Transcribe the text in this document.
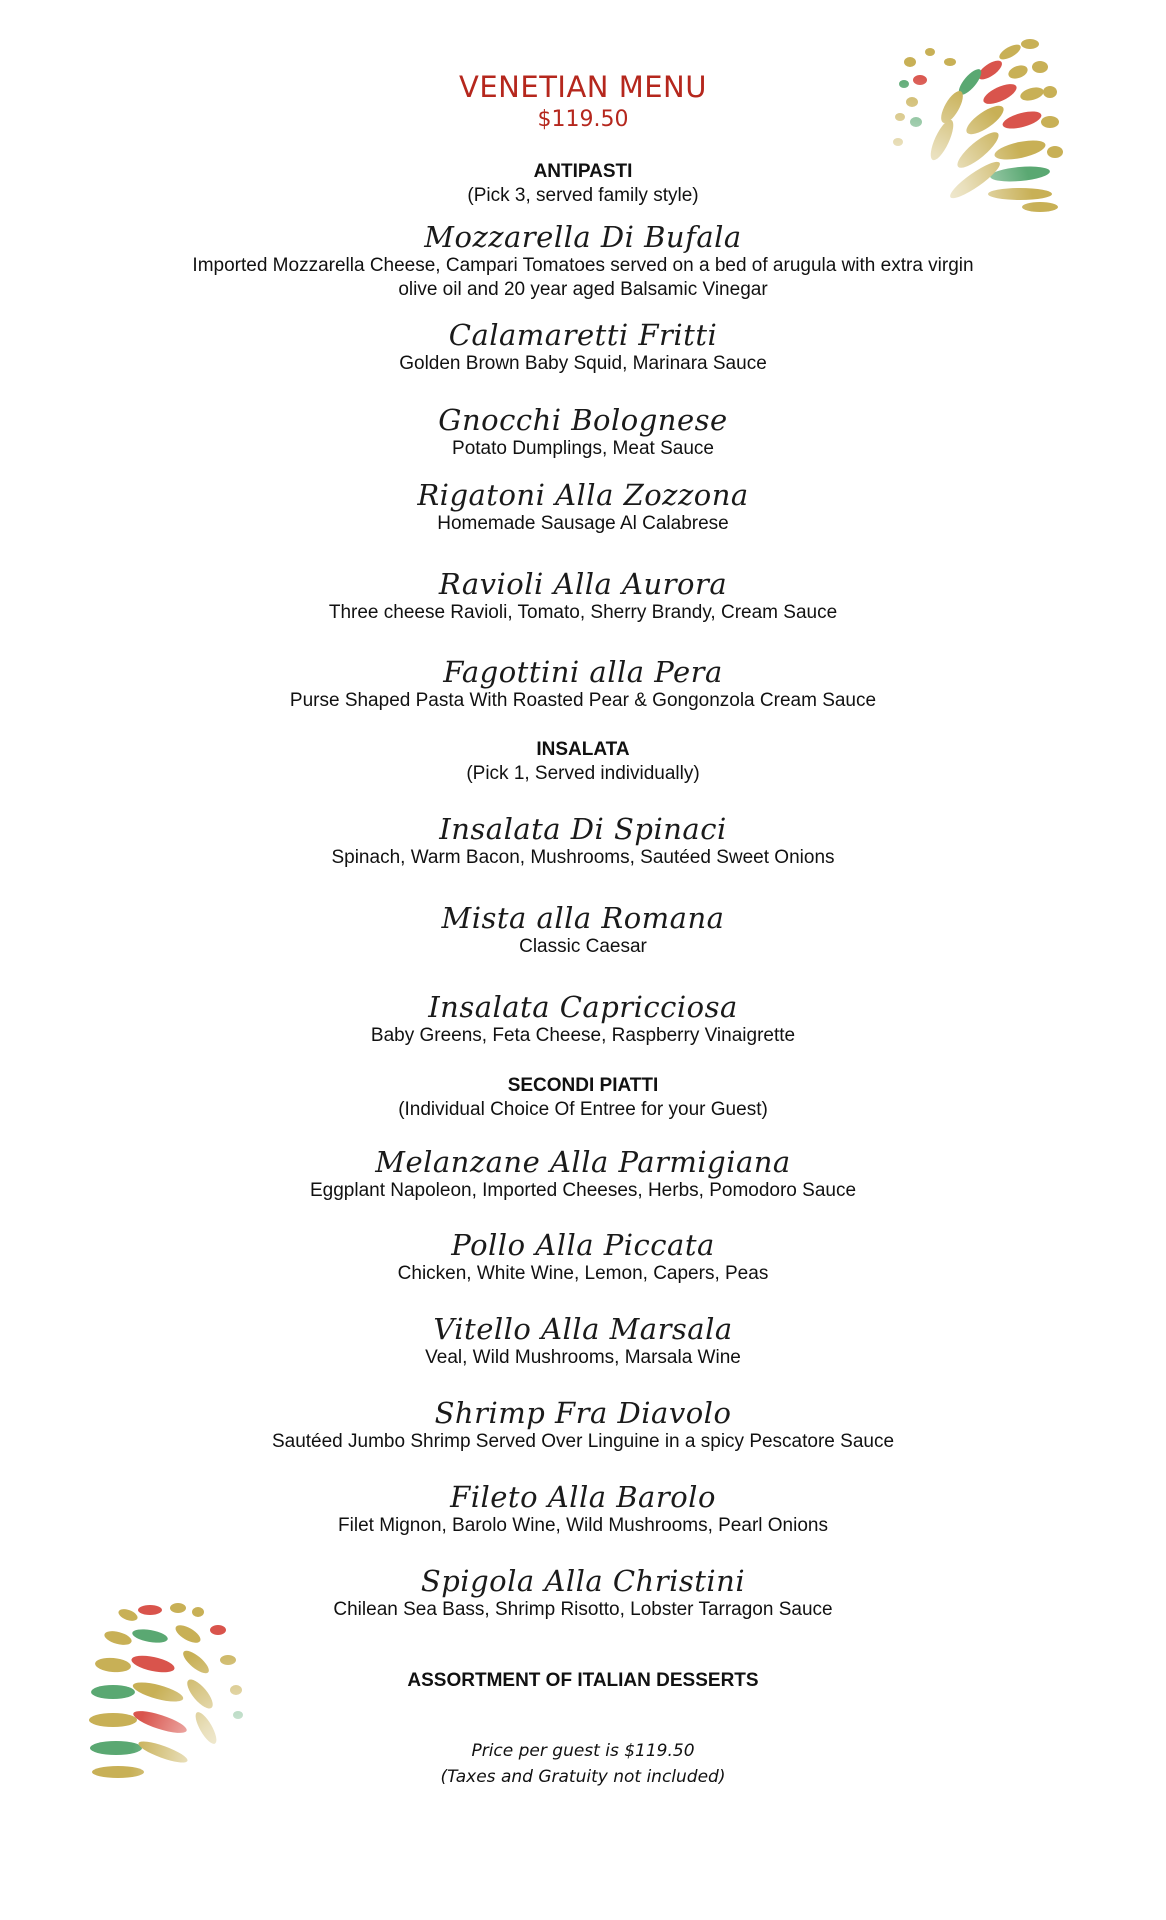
VENETIAN MENU
$119.50
ANTIPASTI
(Pick 3, served family style)
Mozzarella Di Bufala
Imported Mozzarella Cheese, Campari Tomatoes served on a bed of arugula with extra virgin
olive oil and 20 year aged Balsamic Vinegar
Calamaretti Fritti
Golden Brown Baby Squid, Marinara Sauce
Gnocchi Bolognese
Potato Dumplings, Meat Sauce
Rigatoni Alla Zozzona
Homemade Sausage Al Calabrese
Ravioli Alla Aurora
Three cheese Ravioli, Tomato, Sherry Brandy, Cream Sauce
Fagottini alla Pera
Purse Shaped Pasta With Roasted Pear & Gongonzola Cream Sauce
INSALATA
(Pick 1, Served individually)
Insalata Di Spinaci
Spinach, Warm Bacon, Mushrooms, Sautéed Sweet Onions
Mista alla Romana
Classic Caesar
Insalata Capricciosa
Baby Greens, Feta Cheese, Raspberry Vinaigrette
SECONDI PIATTI
(Individual Choice Of Entree for your Guest)
Melanzane Alla Parmigiana
Eggplant Napoleon, Imported Cheeses, Herbs, Pomodoro Sauce
Pollo Alla Piccata
Chicken, White Wine, Lemon, Capers, Peas
Vitello Alla Marsala
Veal, Wild Mushrooms, Marsala Wine
Shrimp Fra Diavolo
Sautéed Jumbo Shrimp Served Over Linguine in a spicy Pescatore Sauce
Fileto Alla Barolo
Filet Mignon, Barolo Wine, Wild Mushrooms, Pearl Onions
Spigola Alla Christini
Chilean Sea Bass, Shrimp Risotto, Lobster Tarragon Sauce
ASSORTMENT OF ITALIAN DESSERTS
Price per guest is $119.50
(Taxes and Gratuity not included)
